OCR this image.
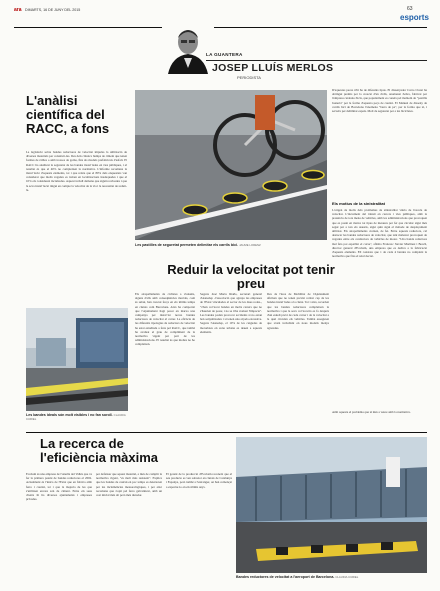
ara DIMARTS, 16 DE JUNY DEL 2015	63
esports
LA GUANTERA
JOSEP LLUÍS MERLOS
PERIODISTA
L'anàlisi científica del RACC, a fons
La legislació sobre bandes reductores de velocitat impulsa la utilització de diverses materials per construir-les. Des dels clàssics bumps de ciment que tenen formes de ràtlles o amb trossos de goma, fins als models prefabricats d'asfalt. El RACC ha analitzat la seguretat de les bandes instal·lades en vies públiques, i el resultat és que el 40% no compleixen la normativa. L'informe recomana la instal·lació d'aquests elements, tot i que relata que el 80% dels enquestats van considerar que molts vegades es troben en localitzacions inadequades i que el 10% els consideren incòmodes. Aquest treball demana que siguin revisades i que la seva instal·lació tingui en compte la velocitat de la via i la necessitat de reduir-la.
Les bandes ideals són molt visibles i no fan soroll. CLAUDIA CURIEL
Les pastilles de seguretat permeten delimitar els carrils bici. JAUME LORENZ
Reduir la velocitat pot tenir preu
Els atropellaments de ciclistes a vianants, alguns d'ells amb conseqüències mortals, com és sabut, han crescut força en els últims temps en ciutats com Barcelona. Això ha comportat que l'Ajuntament hagi posat en marxa una campanya per instal·lar noves bandes reductores de velocitat al carrer. La eficàcia de les diferents tipologies de reductors de velocitat ha estat estudiada a fons pel RACC, que també ha avaluat el grau de compliment de la normativa vigent per part de les administracions. El resultat és que moltes no ho compleixen.
Segons José María Riaño, secretari general d'Asnedep -l'associació que agrupa les empreses de l'Estat vinculades al sector de les dues rodes-, "s'han col·locat bandes en molts carrers que no s'haurien de posar, i no se n'ha avaluat l'impacte". Les bandes poden provocar accidents si no estan ben senyalitzades i si tenen una alçada excessiva. Segons l'Asnedep, el 10% de les caigudes de motoristes en zona urbana es deuen a aquests elements.
Des de l'àrea de Mobilitat de l'Ajuntament afirmen que no tenen previst retirar cap de les bandes instal·lades a la ciutat. Tot i això, recorden que les bandes reductores compleixen la normativa i que la seva col·locació es fa després d'un estudi previ de cada carrer i de la velocitat a la qual circulen els vehicles. També asseguren que s'està treballant en nous models menys agressius.
D'aquestes peces n'hi ha de diferents tipus. El dissenyador Curro Claret ha obtingut premis per la creació d'un d'ells, anomenat Zebra, fabricat per l'empresa catalana Zicla, que popularment es coneix pel malnom de "pastilla Juanola" per la forma d'aquesta peça de cautxú. El Manual de disseny de carrils bici de Barcelona l'anomena "barra de pa", per la forma que té, i serveix per delimitar espais. Molt de seguretat per a les bicicletes.
Els motius de la sinistralitat
L'origen de molts dels problemes de sinistralitat viària de l'escola de velocitat. L'increment del trànsit en carrers i vies públiques, amb la presència de tota mena de vehicles, amb les administracions que provoquen que es posin en marxa tot tipus de mesures per fer que circular sigui més segur per a tots els usuaris, sigui quin sigui el mètode de desplaçament utilitzat. Els atropellaments creixen, de fet. Entre aquests reductors, cal destacar les bandes reductores de velocitat, que tant malestar provoquen de vegades entre els conductors de vehicles de motor. "Una banda reductora mal feta pot espatllar el cotxe", afirma Francesc Xavier Martínez i Bosch, director general d'Ecobam, una empresa que es dedica a la fabricació d'aquests elements. Ell constata que 1 de cada 4 bandes no compleix la normativa que fixa el reial decret.
Amb aquesta el problema que té més a veure amb la normativa.
La recerca de l'eficiència màxima
Ecobam és una empresa de l'Anella del Vallès que va fer la primera patent de bandes reductores el 2002. Actualment és l'única de l'Estat que en fabrica amb ferro i cautxú, tot i que la majoria de les que s'utilitzen encara són de ciment. Entre els seus clients hi ha diversos ajuntaments i empreses privades.
per defensar que aquest material, a més de complir la normativa vigent, "és molt més resistent". Explica que les bandes de cautxú en poc temps es deterioren per les inclemències meteorològiques, i per això recomana que s'opti pel ferro galvanitzat, amb un cost inicial més alt però més durador.
El gerent de la producció d'Ecobam reconeix que el seu producte es ven sobretot en ciutats de Catalunya i Espanya, però també a l'estranger, on han començat a exportar-lo en els últims anys.
Bandes reductores de velocitat a l'aeroport de Barcelona. CLAUDIA CURIEL
